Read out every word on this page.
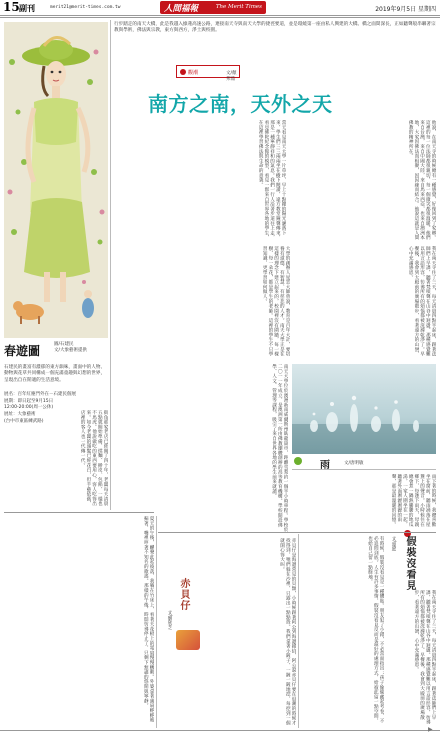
15 副刊	merit21@merit-times.com.tw	人間福報	The Merit Times	2019年9月5日 星期四
春遊圖	圖/石建民
文/大象藝術提供
石建民的畫富有濃郁的東方韻味，畫面中的人物、動物與花草共同構成一個充滿童趣與幻想的世界，呈現出自在閒適的生活意境。
展名：百年紅塵門外在－石建民個展
展期：即日起至9月15日
12:00-20:00(周一公休)
展址：大象藝術
(台中市東區練武路)
行步踏走的南天大橋，此是我越入綠蓮高速公路，連接南天寺與南天大學的捷徑要道，並是環繞第一座由私人興建的大橋。橋之面間深長，正如聽聲般串聯著宗教與學術，佛法與宗教，東方與西方，淨土與校園。
觀潮	文/顏邦茹
南方之南，天外之天
當天看見南天大學一片草坪，早上十點鐘的陽光灑落下來，學生們三三兩兩坐在樹下閱讀，遠方教堂鐘聲傳來，那是一種寧靜祥和的氣息。我們一行人沿著步道往上走，看見佛陀紀念館的模型，看見一群來自世界各地的學生，在這裡學習佛法與生命的意義。	他說，在南天寺的時候總有一種感覺，好像回到了家鄉。這裡的每一位法師都很親切，每一個微笑都很溫暖。他們來自台灣，來自中國大陸，來自馬來西亞，也來自澳洲本地，大家因佛法而相聚，因因緣而結合。他說這就是人間佛教的精神所在。
大學的創辦人星雲大師曾說，教育是百年大計，要培養有道德、有智慧、有慈悲的人才。南天大學正是在這樣的理念下建立起來的，校園裡沒有圍牆，每一棵樹、每一朵花，都是學生的老師。這裡的學生不只學習知識，更學習如何做人。	我在南天寺住了三天，每天清晨四點半起床，跟著法師們上早課，聽著梵唄聲在山谷中迴盪。那種感覺難以用言語形容，彷彿所有的煩惱都被洗滌乾淨了。早餐後，我會到大殿前的廣場散步，看著遠方的山巒，心中充滿感恩。
南天大學位於澳洲新南威爾斯州臥龍崗市，距離雪梨約一個半小時車程。學校於二〇一一年成立，是澳洲第一所由佛教團體創辦的高等教育機構。學校開設佛學、人文、管理等課程，吸引了來自世界各地的學生前來就讀。	雨	文/唐明敏
雨下著的時候，我總喜歡坐在窗前，聽雨滴落在屋簷上的聲音。小時候住在鄉下，每逢下雨天，母親總會煮一鍋熱騰騰的地瓜湯，一家人圍坐在一起，聽著外面淅瀝淅瀝的雨聲，那是最溫暖的回憶。
街角那家老店已經開了四十年，老闆每天清晨五點就開始準備，揉麵、擀皮、包餡，一樣也不馬虎。他說做吃的東西要用心，客人吃得出來。如今老闆的頭髮已經花白，但手藝依舊，店裡的客人也一代傳一代。
夏天的午後，蟬聲此起彼落，我躺在竹床上，看著天花板上的電扇慢慢轉動。外婆拿著蒲扇輕輕地搧著，嘴裡哼著不知名的歌謠。那樣的午後，時間彷彿停止了，只剩下無盡的悠閒與寧靜。	赤貝仔
文/劉欣芝	赤貝仔是海邊常見的貝類，小時候跟著阿公到海邊撿拾，阿公說赤貝仔要在退潮的時候才找得到，牠們躲在沙裡，只露出一點點殼。我們拿著小鏟子，一鏟一鏟地挖，每挖到一個就開心得大叫。	假裝沒看見
文/溫庭
有時候，假裝沒看見是一種體貼。朋友犯了小錯，不必當面指出；孩子偷偷藏起考卷，不必追問到底。人生有許多事情，假裝沒看見反而是最好的處理方式，給彼此留一點空間，也給自己留一點餘地。
我在南天寺住了三天，每天清晨四點半起床，跟著法師們上早課，聽著梵唄聲在山谷中迴盪。那種感覺難以用言語形容，彷彿所有的煩惱都被洗滌乾淨了。早餐後，我會到大殿前的廣場散步，看著遠方的山巒，心中充滿感恩。
▶
